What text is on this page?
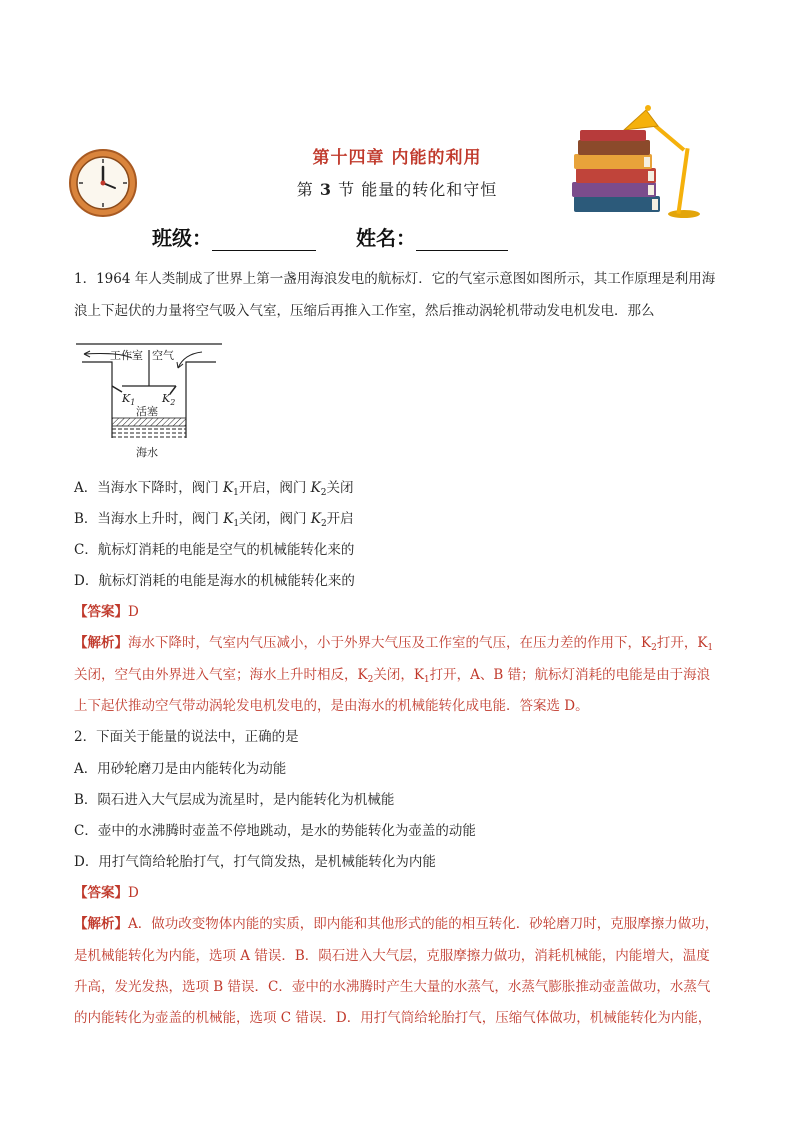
第十四章 内能的利用
第 3 节 能量的转化和守恒
班级：	姓名：
1．1964 年人类制成了世界上第一盏用海浪发电的航标灯．它的气室示意图如图所示，其工作原理是利用海
浪上下起伏的力量将空气吸入气室，压缩后再推入工作室，然后推动涡轮机带动发电机发电．那么
工作室 空气
$K_1$ $K_2$
活塞
海水
A．当海水下降时，阀门 $K_1$开启，阀门 $K_2$关闭
B．当海水上升时，阀门 $K_1$关闭，阀门 $K_2$开启
C．航标灯消耗的电能是空气的机械能转化来的
D．航标灯消耗的电能是海水的机械能转化来的
【答案】D
【解析】海水下降时，气室内气压减小，小于外界大气压及工作室的气压，在压力差的作用下，$K_2$打开，$K_1$
关闭，空气由外界进入气室；海水上升时相反，$K_2$关闭，$K_1$打开，A、B 错；航标灯消耗的电能是由于海浪
上下起伏推动空气带动涡轮发电机发电的，是由海水的机械能转化成电能．答案选 D。
2．下面关于能量的说法中，正确的是
A．用砂轮磨刀是由内能转化为动能
B．陨石进入大气层成为流星时，是内能转化为机械能
C．壶中的水沸腾时壶盖不停地跳动，是水的势能转化为壶盖的动能
D．用打气筒给轮胎打气，打气筒发热，是机械能转化为内能
【答案】D
【解析】A．做功改变物体内能的实质，即内能和其他形式的能的相互转化．砂轮磨刀时，克服摩擦力做功，
是机械能转化为内能，选项 A 错误．B．陨石进入大气层，克服摩擦力做功，消耗机械能，内能增大，温度
升高，发光发热，选项 B 错误．C．壶中的水沸腾时产生大量的水蒸气，水蒸气膨胀推动壶盖做功，水蒸气
的内能转化为壶盖的机械能，选项 C 错误．D．用打气筒给轮胎打气，压缩气体做功，机械能转化为内能，
